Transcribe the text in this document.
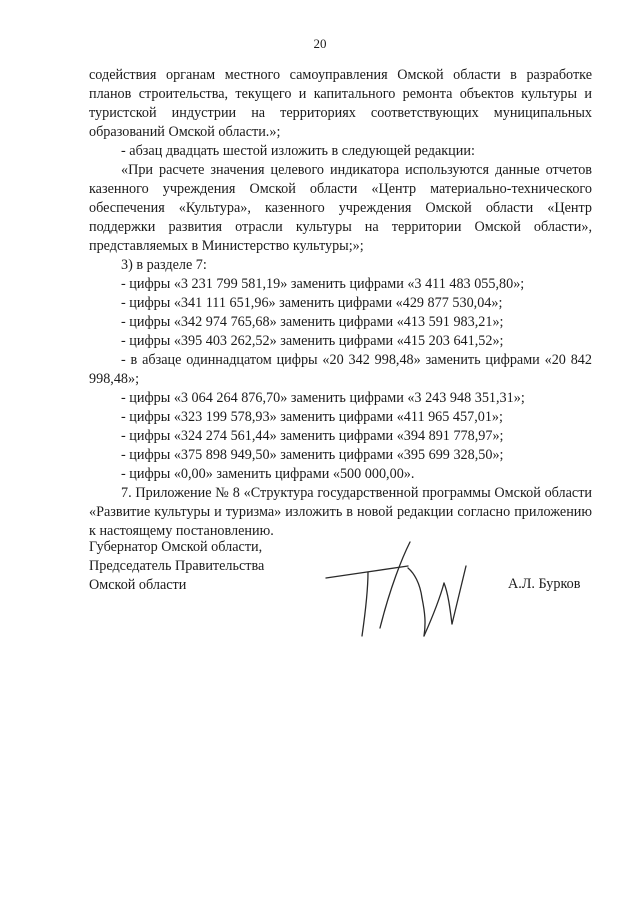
20

содействия органам местного самоуправления Омской области в разработке планов строительства, текущего и капитального ремонта объектов культуры и туристской индустрии на территориях соответствующих муниципальных образований Омской области.»;

- абзац двадцать шестой изложить в следующей редакции:

«При расчете значения целевого индикатора используются данные отчетов казенного учреждения Омской области «Центр материально-технического обеспечения «Культура», казенного учреждения Омской области «Центр поддержки развития отрасли культуры на территории Омской области», представляемых в Министерство культуры;»;

3) в разделе 7:

- цифры «3 231 799 581,19» заменить цифрами «3 411 483 055,80»;

- цифры «341 111 651,96» заменить цифрами «429 877 530,04»;

- цифры «342 974 765,68» заменить цифрами «413 591 983,21»;

- цифры «395 403 262,52» заменить цифрами «415 203 641,52»;

- в абзаце одиннадцатом цифры «20 342 998,48» заменить цифрами «20 842 998,48»;

- цифры «3 064 264 876,70» заменить цифрами «3 243 948 351,31»;

- цифры «323 199 578,93» заменить цифрами «411 965 457,01»;

- цифры «324 274 561,44» заменить цифрами «394 891 778,97»;

- цифры «375 898 949,50» заменить цифрами «395 699 328,50»;

- цифры «0,00» заменить цифрами «500 000,00».

7. Приложение № 8 «Структура государственной программы Омской области «Развитие культуры и туризма» изложить в новой редакции согласно приложению к настоящему постановлению.

Губернатор Омской области,
Председатель Правительства
Омской области	А.Л. Бурков
